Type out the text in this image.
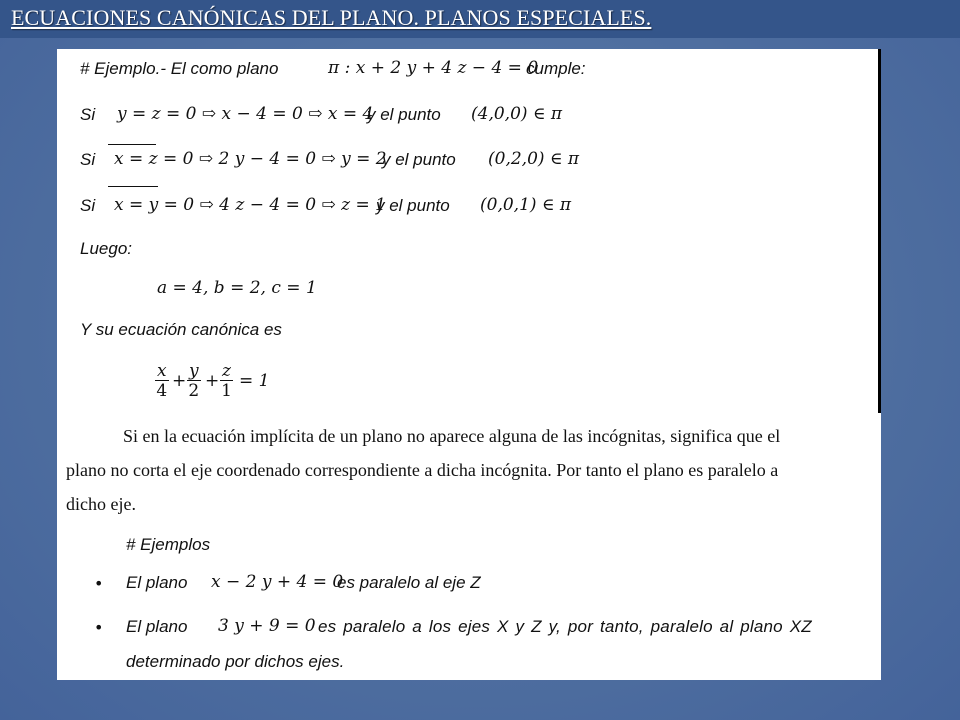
ECUACIONES CANÓNICAS DEL PLANO. PLANOS ESPECIALES.
# Ejemplo.- El como plano	π : x + 2 y + 4 z − 4 = 0
cumple:
Si y = z = 0 ⇨ x − 4 = 0 ⇨ x = 4
y el punto (4,0,0) ∈ π
Si x = z = 0 ⇨ 2 y − 4 = 0 ⇨ y = 2
y el punto (0,2,0) ∈ π
Si x = y = 0 ⇨ 4 z − 4 = 0 ⇨ z = 1
y el punto (0,0,1) ∈ π
Luego:
a = 4, b = 2, c = 1
Y su ecuación canónica es
$\frac{x}{4} + \frac{y}{2} + \frac{z}{1} = 1$
Si en la ecuación implícita de un plano no aparece alguna de las incógnitas, significa que el
plano no corta el eje coordenado correspondiente a dicha incógnita. Por tanto el plano es paralelo a
dicho eje.
# Ejemplos
• El plano x − 2 y + 4 = 0
es paralelo al eje Z
• El plano 3 y + 9 = 0 es paralelo a los ejes X y Z y, por tanto, paralelo al plano XZ
determinado por dichos ejes.
